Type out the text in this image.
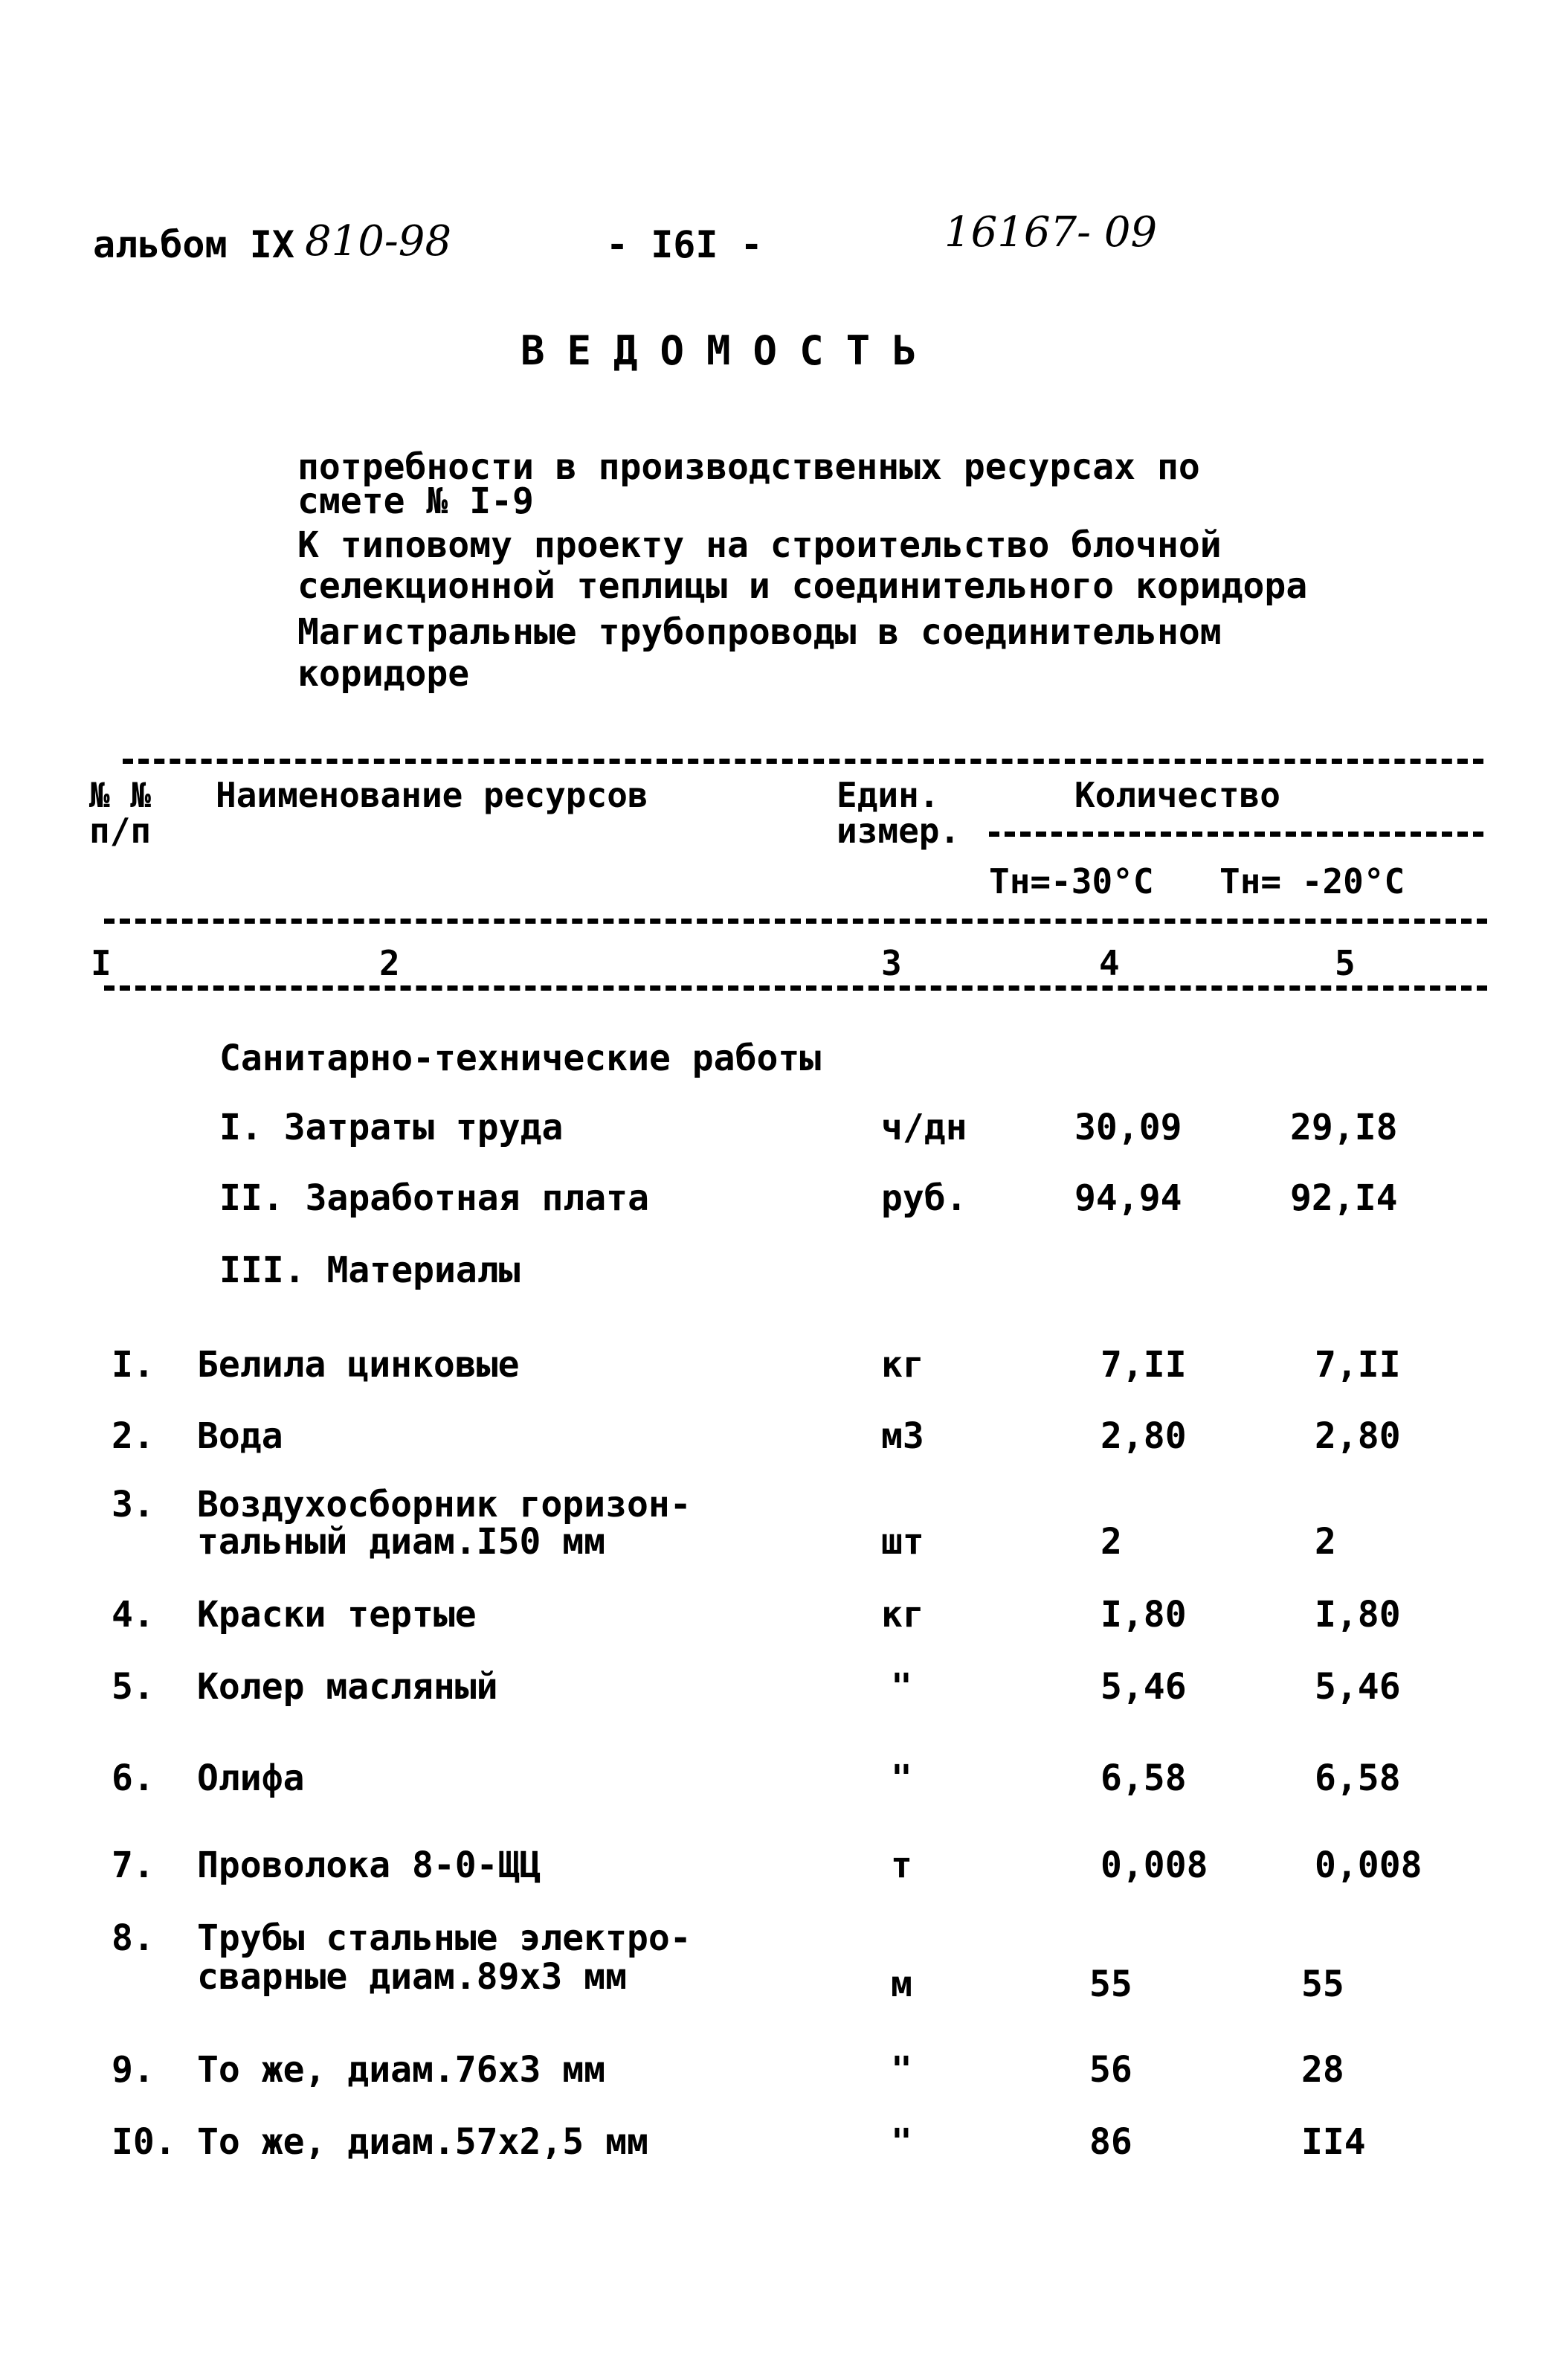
альбом IX 810-98	- I6I -	16167- 09
ВЕДОМОСТЬ
потребности в производственных ресурсах по
смете № I-9
К типовому проекту на строительство блочной
селекционной теплицы и соединительного коридора
Магистральные трубопроводы в соединительном
коридоре
№ №
п/п
Наименование ресурсов	Един.
измер.
Количество
Тн=-30°С Тн= -20°С
I	2	3	4	5
Санитарно-технические работы
I. Затраты труда	ч/дн	30,09	29,I8
II. Заработная плата	руб.	94,94	92,I4
III. Материалы
I. Белила цинковые	кг	7,II	7,II
2. Вода	м3	2,80	2,80
3. Воздухосборник горизон-
тальный диам.I50 мм	шт	2	2
4. Краски тертые	кг	I,80	I,80
5. Колер масляный	"	5,46	5,46
6. Олифа	"	6,58	6,58
7. Проволока 8-0-ЩЦ	т	0,008	0,008
8. Трубы стальные электро-
сварные диам.89х3 мм	м	55	55
9. То же, диам.76х3 мм	"	56	28
I0. То же, диам.57х2,5 мм	"	86	II4
